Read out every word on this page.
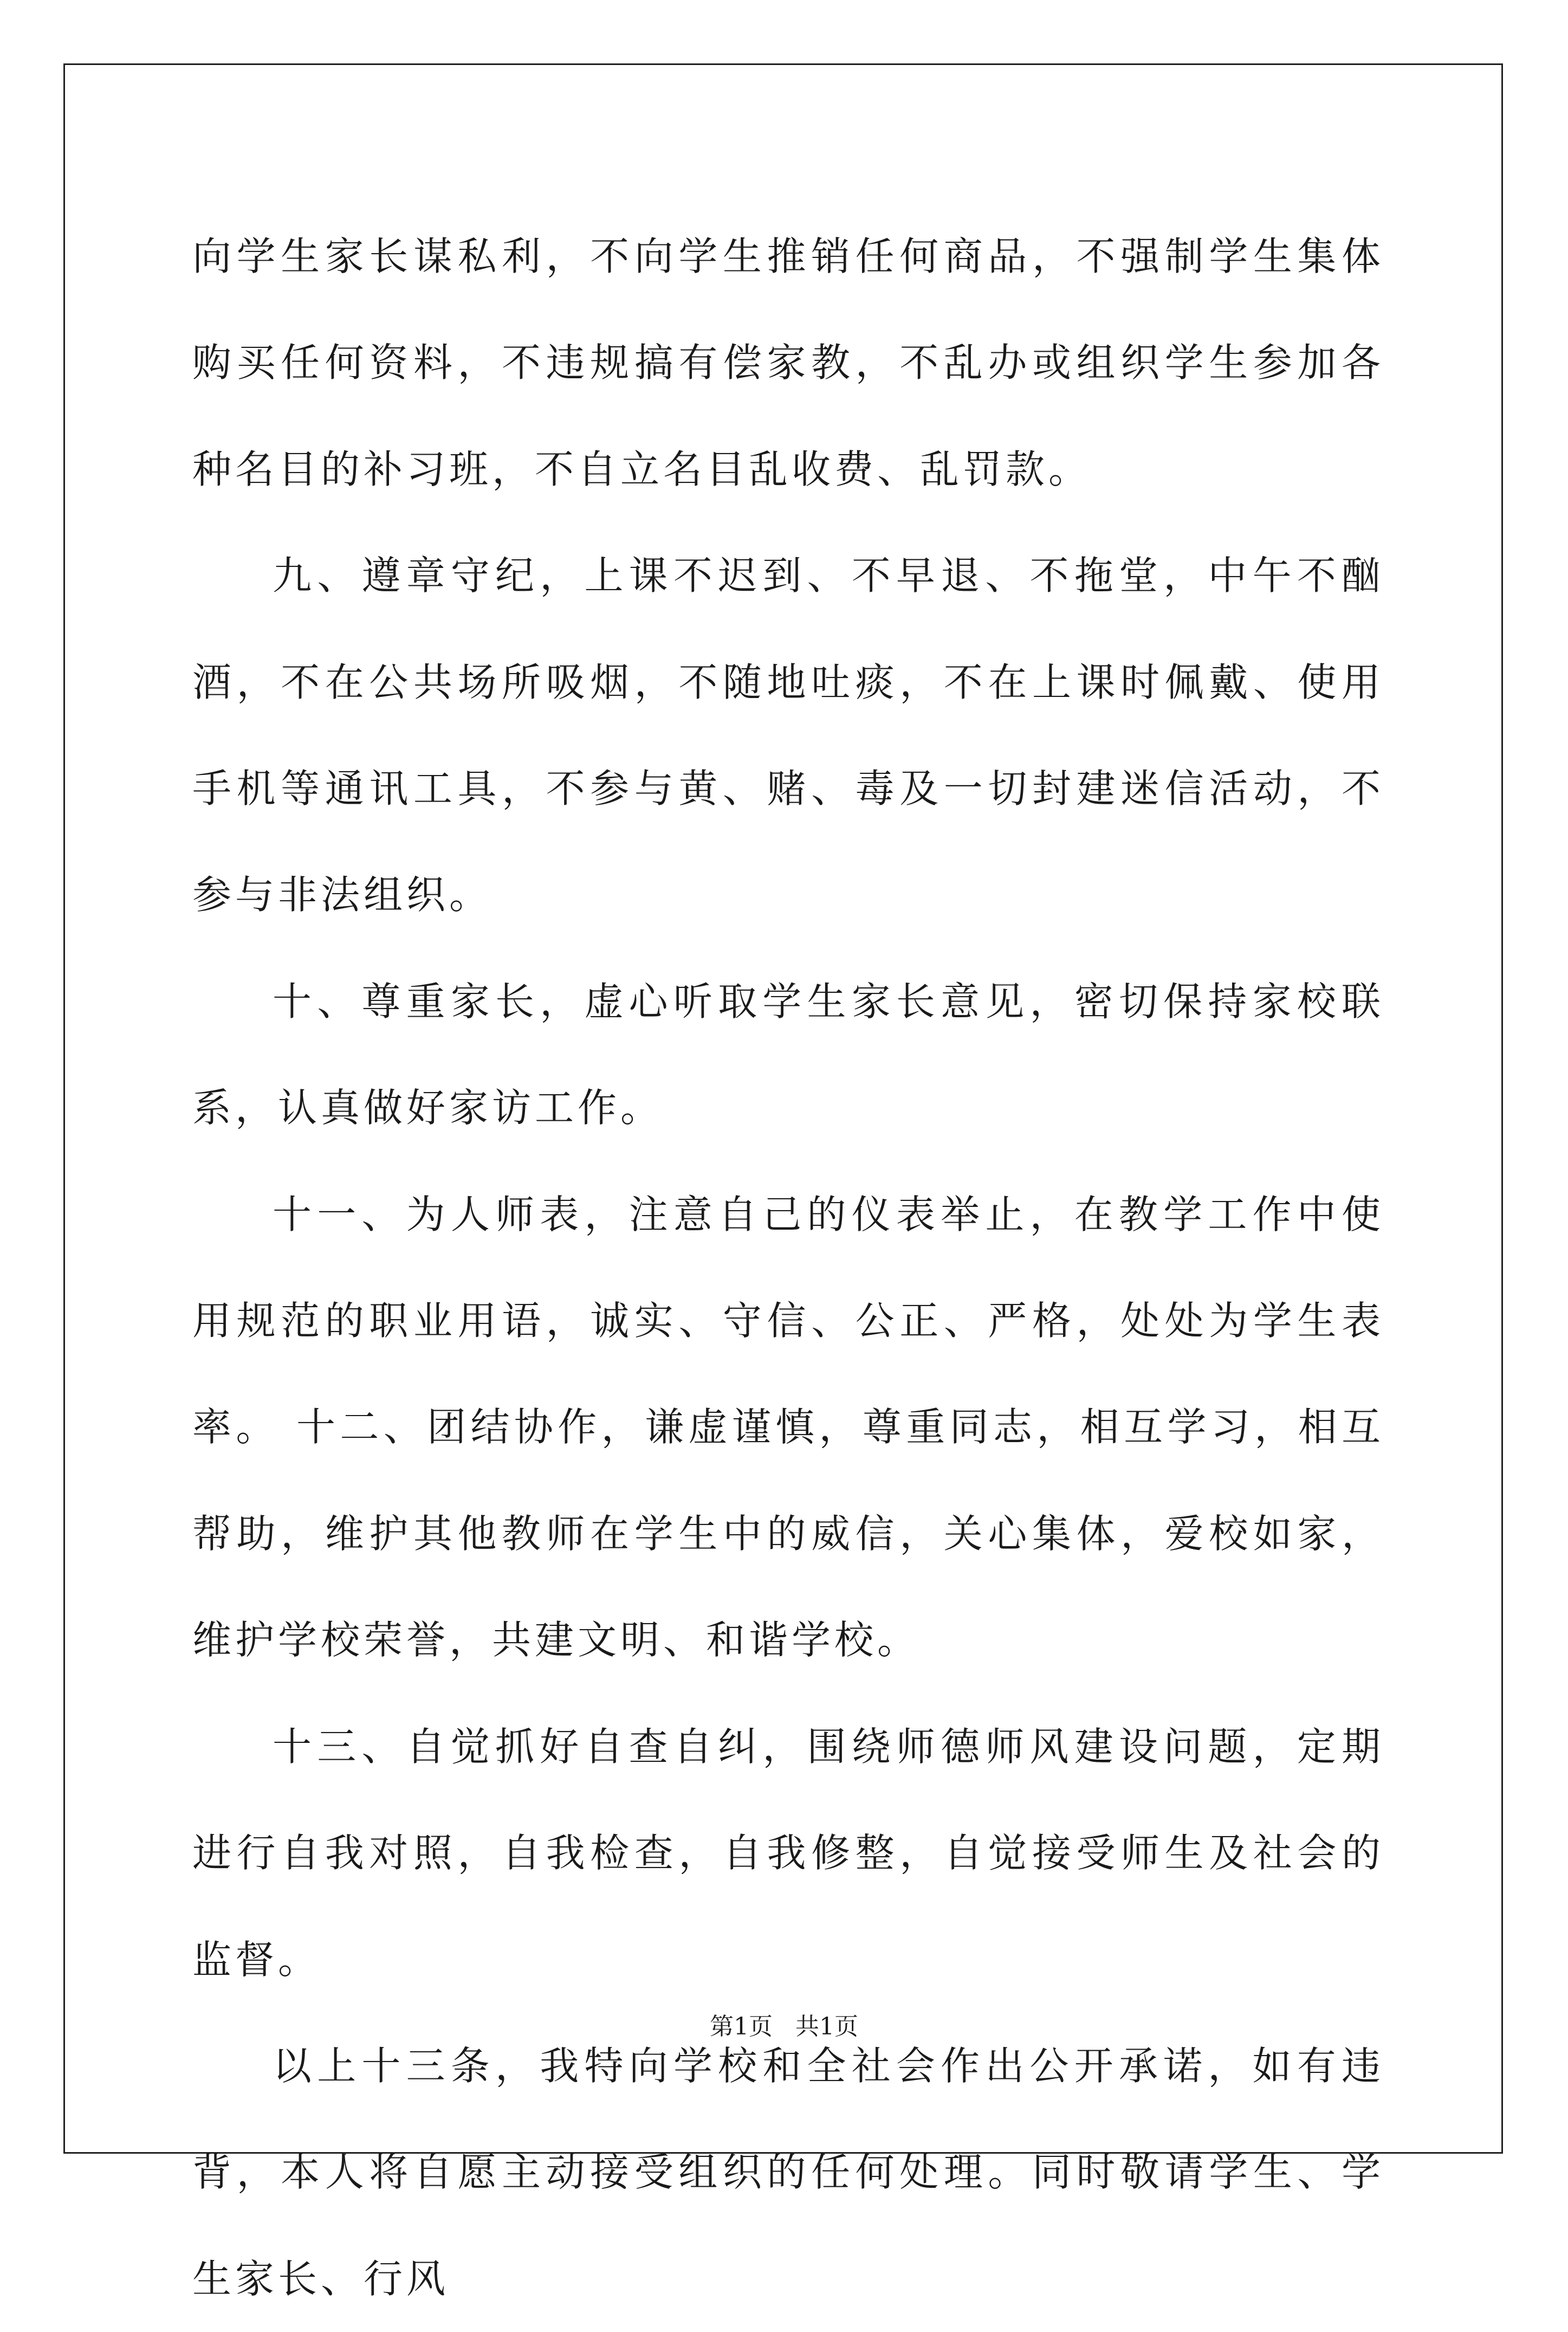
向学生家长谋私利，不向学生推销任何商品，不强制学生集体购买任何资料，不违规搞有偿家教，不乱办或组织学生参加各种名目的补习班，不自立名目乱收费、乱罚款。

九、遵章守纪，上课不迟到、不早退、不拖堂，中午不酗酒，不在公共场所吸烟，不随地吐痰，不在上课时佩戴、使用手机等通讯工具，不参与黄、赌、毒及一切封建迷信活动，不参与非法组织。

十、尊重家长，虚心听取学生家长意见，密切保持家校联系，认真做好家访工作。

十一、为人师表，注意自己的仪表举止，在教学工作中使用规范的职业用语，诚实、守信、公正、严格，处处为学生表率。 十二、团结协作，谦虚谨慎，尊重同志，相互学习，相互帮助，维护其他教师在学生中的威信，关心集体，爱校如家，维护学校荣誉，共建文明、和谐学校。

十三、自觉抓好自查自纠，围绕师德师风建设问题，定期进行自我对照，自我检查，自我修整，自觉接受师生及社会的监督。

以上十三条，我特向学校和全社会作出公开承诺，如有违背，本人将自愿主动接受组织的任何处理。同时敬请学生、学生家长、行风

第1页   共1页
